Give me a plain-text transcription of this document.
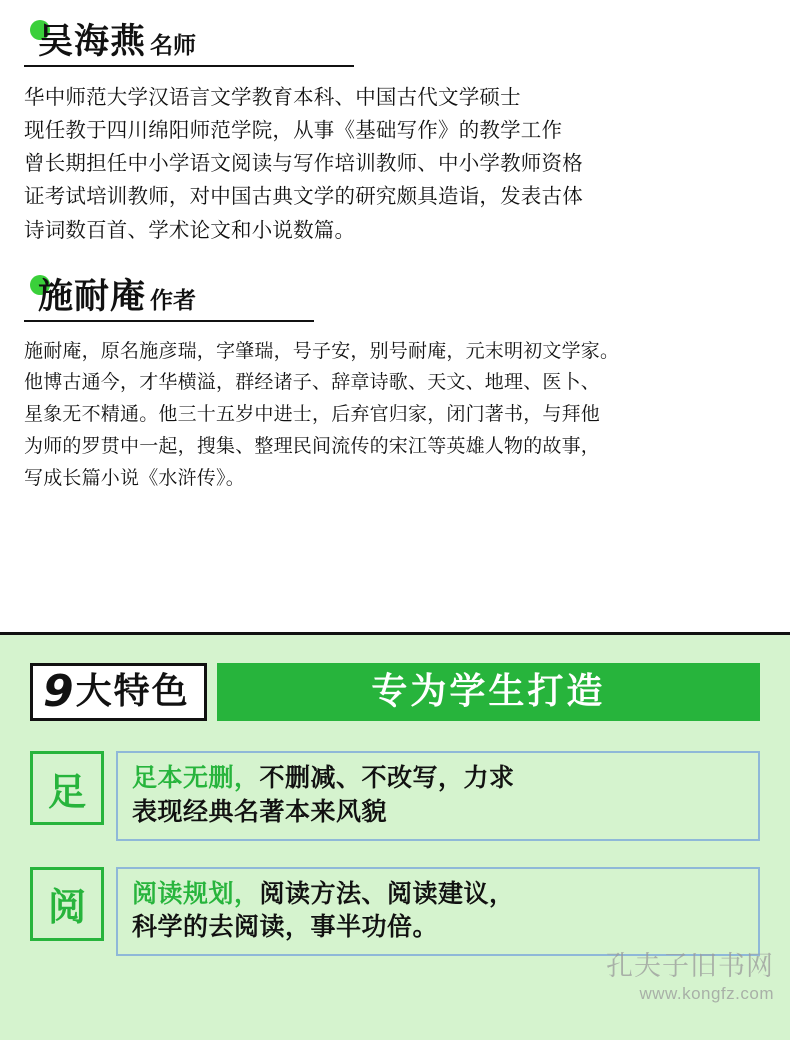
吴海燕 名师
华中师范大学汉语言文学教育本科、中国古代文学硕士
现任教于四川绵阳师范学院，从事《基础写作》的教学工作
曾长期担任中小学语文阅读与写作培训教师、中小学教师资格
证考试培训教师，对中国古典文学的研究颇具造诣，发表古体
诗词数百首、学术论文和小说数篇。
施耐庵 作者
施耐庵，原名施彦瑞，字肇瑞，号子安，别号耐庵，元末明初文学家。
他博古通今，才华横溢，群经诸子、辞章诗歌、天文、地理、医卜、
星象无不精通。他三十五岁中进士，后弃官归家，闭门著书，与拜他
为师的罗贯中一起，搜集、整理民间流传的宋江等英雄人物的故事，
写成长篇小说《水浒传》。
9 大特色	专为学生打造
足	足本无删，不删减、不改写，力求
表现经典名著本来风貌
阅	阅读规划，阅读方法、阅读建议，
科学的去阅读，事半功倍。
孔夫子旧书网
www.kongfz.com
